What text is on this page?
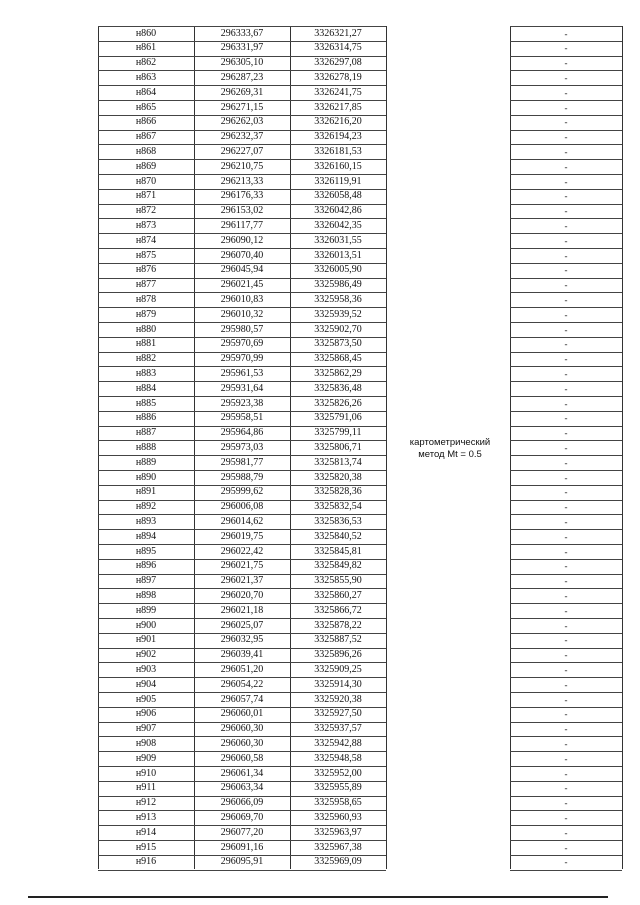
н860	296333,67	3326321,27	-
н861	296331,97	3326314,75	-
н862	296305,10	3326297,08	-
н863	296287,23	3326278,19	-
н864	296269,31	3326241,75	-
н865	296271,15	3326217,85	-
н866	296262,03	3326216,20	-
н867	296232,37	3326194,23	-
н868	296227,07	3326181,53	-
н869	296210,75	3326160,15	-
н870	296213,33	3326119,91	-
н871	296176,33	3326058,48	-
н872	296153,02	3326042,86	-
н873	296117,77	3326042,35	-
н874	296090,12	3326031,55	-
н875	296070,40	3326013,51	-
н876	296045,94	3326005,90	-
н877	296021,45	3325986,49	-
н878	296010,83	3325958,36	-
н879	296010,32	3325939,52	-
н880	295980,57	3325902,70	-
н881	295970,69	3325873,50	-
н882	295970,99	3325868,45	-
н883	295961,53	3325862,29	-
н884	295931,64	3325836,48	-
н885	295923,38	3325826,26	-
н886	295958,51	3325791,06	-
н887	295964,86	3325799,11	-
н888	295973,03	3325806,71	-
н889	295981,77	3325813,74	-
н890	295988,79	3325820,38	-
н891	295999,62	3325828,36	-
н892	296006,08	3325832,54	-
н893	296014,62	3325836,53	-
н894	296019,75	3325840,52	-
н895	296022,42	3325845,81	-
н896	296021,75	3325849,82	-
н897	296021,37	3325855,90	-
н898	296020,70	3325860,27	-
н899	296021,18	3325866,72	-
н900	296025,07	3325878,22	-
н901	296032,95	3325887,52	-
н902	296039,41	3325896,26	-
н903	296051,20	3325909,25	-
н904	296054,22	3325914,30	-
н905	296057,74	3325920,38	-
н906	296060,01	3325927,50	-
н907	296060,30	3325937,57	-
н908	296060,30	3325942,88	-
н909	296060,58	3325948,58	-
н910	296061,34	3325952,00	-
н911	296063,34	3325955,89	-
н912	296066,09	3325958,65	-
н913	296069,70	3325960,93	-
н914	296077,20	3325963,97	-
н915	296091,16	3325967,38	-
н916	296095,91	3325969,09	-
картометрический
метод Mt = 0.5
